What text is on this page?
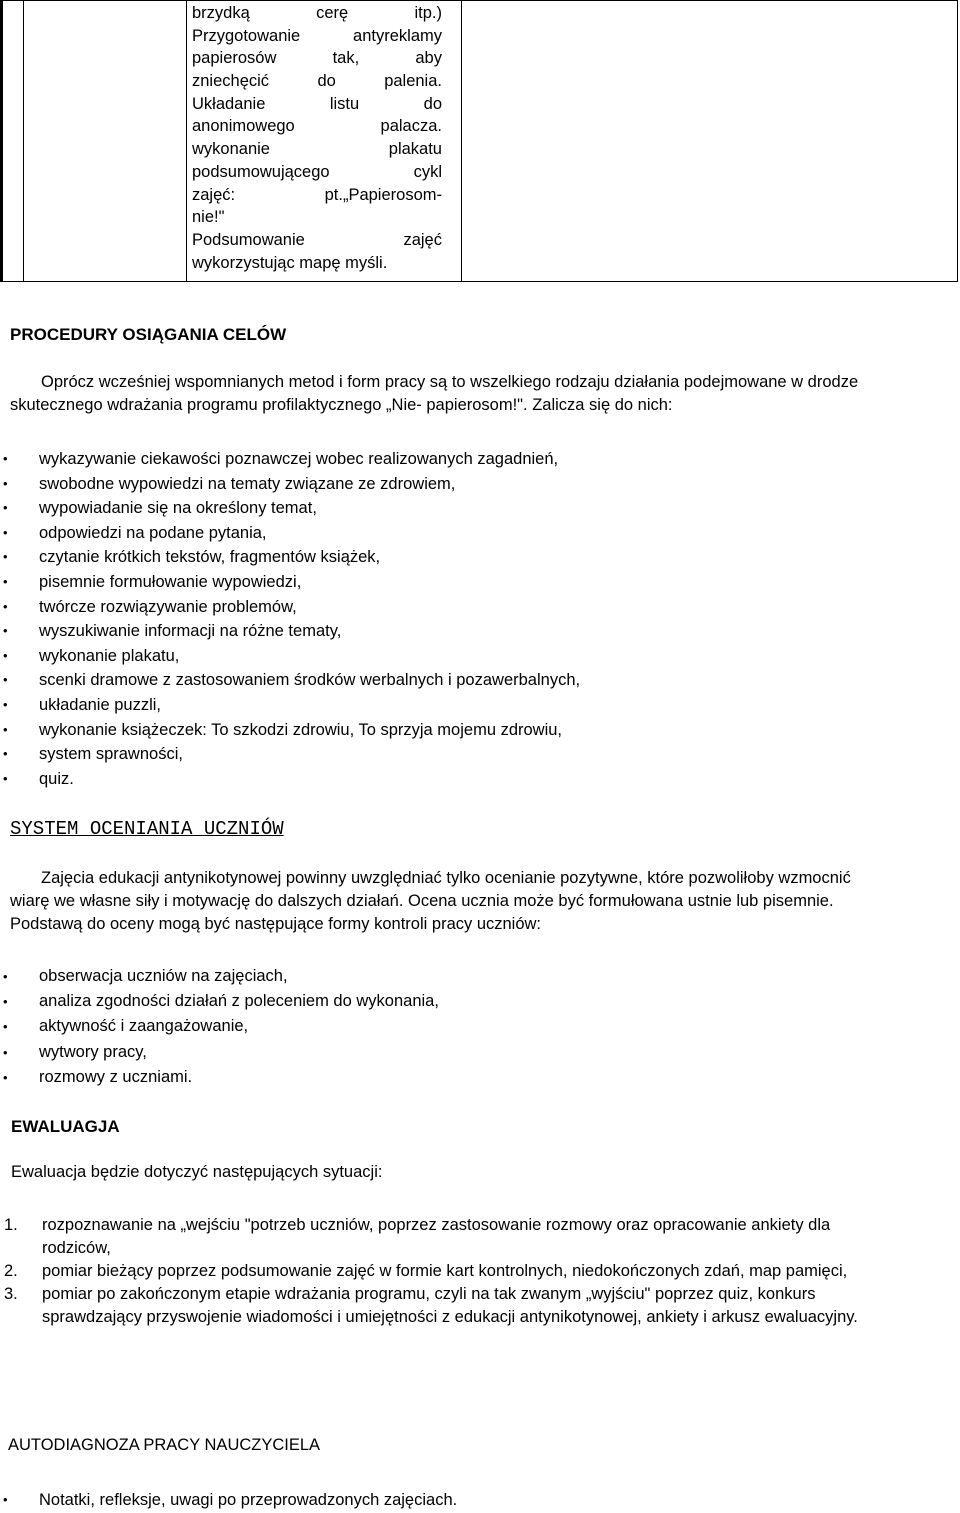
brzydką	cerę	itp.)
Przygotowanie	antyreklamy
papierosów	tak,	aby
zniechęcić	do	palenia.
Układanie	listu	do
anonimowego	palacza.
wykonanie	plakatu
podsumowującego	cykl
zajęć:	pt.„Papierosom-
nie!"
Podsumowanie	zajęć
wykorzystując mapę myśli.

PROCEDURY OSIĄGANIA CELÓW
Oprócz wcześniej wspomnianych metod i form pracy są to wszelkiego rodzaju działania podejmowane w drodze skutecznego wdrażania programu profilaktycznego „Nie- papierosom!". Zalicza się do nich:
• wykazywanie ciekawości poznawczej wobec realizowanych zagadnień,
• swobodne wypowiedzi na tematy związane ze zdrowiem,
• wypowiadanie się na określony temat,
• odpowiedzi na podane pytania,
• czytanie krótkich tekstów, fragmentów książek,
• pisemnie formułowanie wypowiedzi,
• twórcze rozwiązywanie problemów,
• wyszukiwanie informacji na różne tematy,
• wykonanie plakatu,
• scenki dramowe z zastosowaniem środków werbalnych i pozawerbalnych,
• układanie puzzli,
• wykonanie książeczek: To szkodzi zdrowiu, To sprzyja mojemu zdrowiu,
• system sprawności,
• quiz.
SYSTEM OCENIANIA UCZNIÓW
Zajęcia edukacji antynikotynowej powinny uwzględniać tylko ocenianie pozytywne, które pozwoliłoby wzmocnić wiarę we własne siły i motywację do dalszych działań. Ocena ucznia może być formułowana ustnie lub pisemnie. Podstawą do oceny mogą być następujące formy kontroli pracy uczniów:
• obserwacja uczniów na zajęciach,
• analiza zgodności działań z poleceniem do wykonania,
• aktywność i zaangażowanie,
• wytwory pracy,
• rozmowy z uczniami.
EWALUAGJA
Ewaluacja będzie dotyczyć następujących sytuacji:
1. rozpoznawanie na „wejściu "potrzeb uczniów, poprzez zastosowanie rozmowy oraz opracowanie ankiety dla rodziców,
2. pomiar bieżący poprzez podsumowanie zajęć w formie kart kontrolnych, niedokończonych zdań, map pamięci,
3. pomiar po zakończonym etapie wdrażania programu, czyli na tak zwanym „wyjściu" poprzez quiz, konkurs sprawdzający przyswojenie wiadomości i umiejętności z edukacji antynikotynowej, ankiety i arkusz ewaluacyjny.
AUTODIAGNOZA PRACY NAUCZYCIELA
• Notatki, refleksje, uwagi po przeprowadzonych zajęciach.
